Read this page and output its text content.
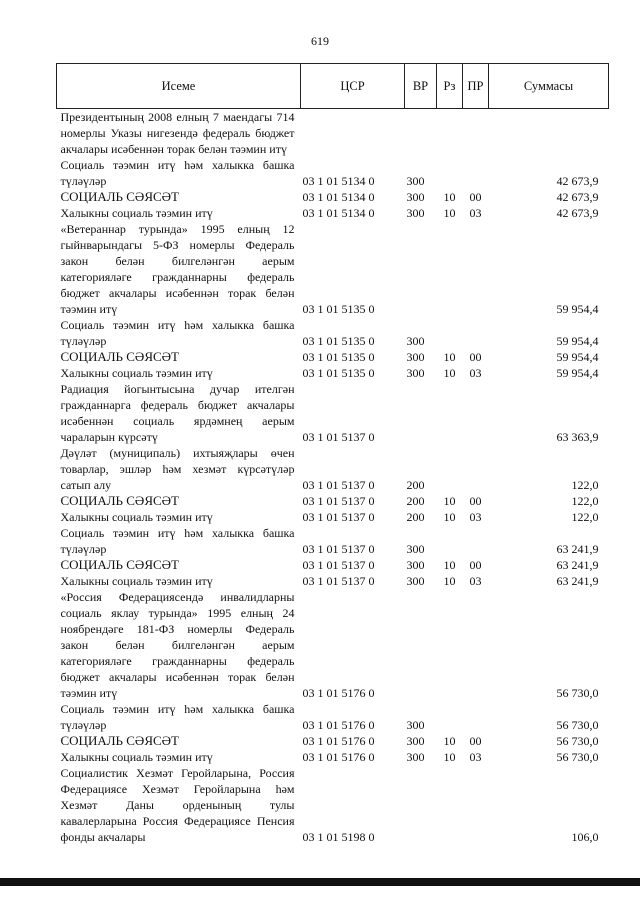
619
Исеме	ЦСР	ВР	Рз	ПР	Суммасы
Президентының 2008 елның 7 маендагы 714 номерлы Указы нигезендә федераль бюджет акчалары исәбеннән торак белән тәэмин итү					
Социаль тәэмин итү һәм халыкка башка түләүләр	03 1 01 5134 0	300			42 673,9
СОЦИАЛЬ СӘЯСӘТ	03 1 01 5134 0	300	10	00	42 673,9
Халыкны социаль тәэмин итү	03 1 01 5134 0	300	10	03	42 673,9
«Ветераннар турында» 1995 елның 12 гыйнварындагы 5-ФЗ номерлы Федераль закон белән билгеләнгән аерым категорияләге гражданнарны федераль бюджет акчалары исәбеннән торак белән тәэмин итү	03 1 01 5135 0				59 954,4
Социаль тәэмин итү һәм халыкка башка түләүләр	03 1 01 5135 0	300			59 954,4
СОЦИАЛЬ СӘЯСӘТ	03 1 01 5135 0	300	10	00	59 954,4
Халыкны социаль тәэмин итү	03 1 01 5135 0	300	10	03	59 954,4
Радиация йогынтысына дучар ителгән гражданнарга федераль бюджет акчалары исәбеннән социаль ярдәмнең аерым чараларын күрсәтү	03 1 01 5137 0				63 363,9
Дәүләт (муниципаль) ихтыяҗлары өчен товарлар, эшләр һәм хезмәт күрсәтүләр сатып алу	03 1 01 5137 0	200			122,0
СОЦИАЛЬ СӘЯСӘТ	03 1 01 5137 0	200	10	00	122,0
Халыкны социаль тәэмин итү	03 1 01 5137 0	200	10	03	122,0
Социаль тәэмин итү һәм халыкка башка түләүләр	03 1 01 5137 0	300			63 241,9
СОЦИАЛЬ СӘЯСӘТ	03 1 01 5137 0	300	10	00	63 241,9
Халыкны социаль тәэмин итү	03 1 01 5137 0	300	10	03	63 241,9
«Россия Федерациясендә инвалидларны социаль яклау турында» 1995 елның 24 ноябрендәге 181-ФЗ номерлы Федераль закон белән билгеләнгән аерым категорияләге гражданнарны федераль бюджет акчалары исәбеннән торак белән тәэмин итү	03 1 01 5176 0				56 730,0
Социаль тәэмин итү һәм халыкка башка түләүләр	03 1 01 5176 0	300			56 730,0
СОЦИАЛЬ СӘЯСӘТ	03 1 01 5176 0	300	10	00	56 730,0
Халыкны социаль тәэмин итү	03 1 01 5176 0	300	10	03	56 730,0
Социалистик Хезмәт Геройларына, Россия Федерациясе Хезмәт Геройларына һәм Хезмәт Даны орденының тулы кавалерларына Россия Федерациясе Пенсия фонды акчалары	03 1 01 5198 0				106,0
